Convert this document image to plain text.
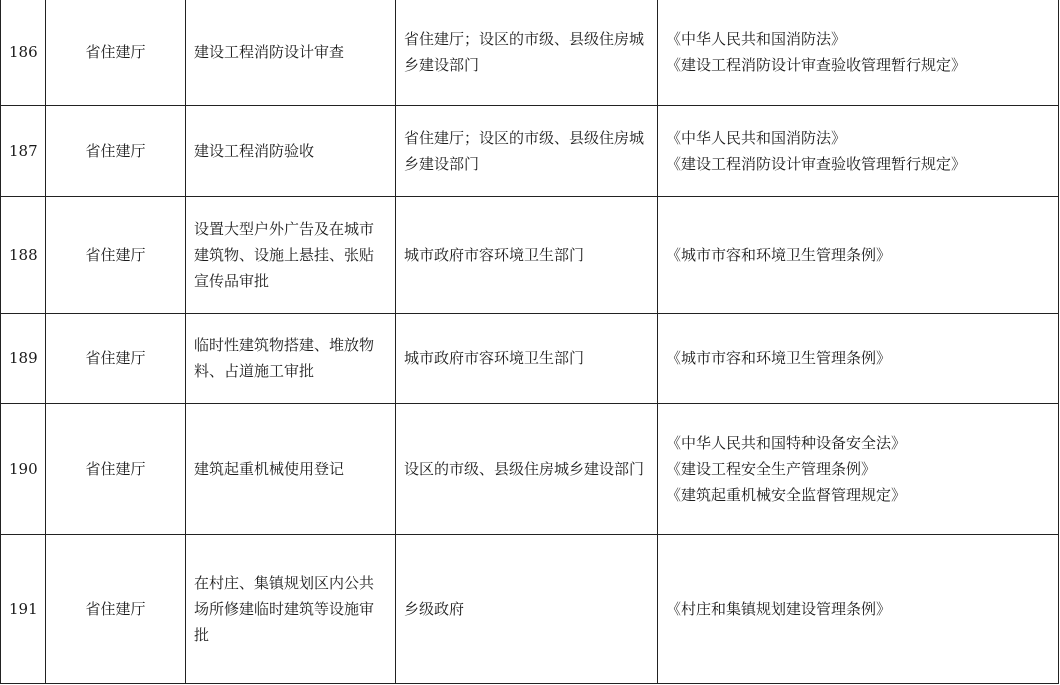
186	省住建厅	建设工程消防设计审查	省住建厅；设区的市级、县级住房城乡建设部门	《中华人民共和国消防法》
《建设工程消防设计审查验收管理暂行规定》

187	省住建厅	建设工程消防验收	省住建厅；设区的市级、县级住房城乡建设部门	《中华人民共和国消防法》
《建设工程消防设计审查验收管理暂行规定》

188	省住建厅	设置大型户外广告及在城市建筑物、设施上悬挂、张贴宣传品审批	城市政府市容环境卫生部门	《城市市容和环境卫生管理条例》

189	省住建厅	临时性建筑物搭建、堆放物料、占道施工审批	城市政府市容环境卫生部门	《城市市容和环境卫生管理条例》

190	省住建厅	建筑起重机械使用登记	设区的市级、县级住房城乡建设部门	《中华人民共和国特种设备安全法》
《建设工程安全生产管理条例》
《建筑起重机械安全监督管理规定》

191	省住建厅	在村庄、集镇规划区内公共场所修建临时建筑等设施审批	乡级政府	《村庄和集镇规划建设管理条例》
